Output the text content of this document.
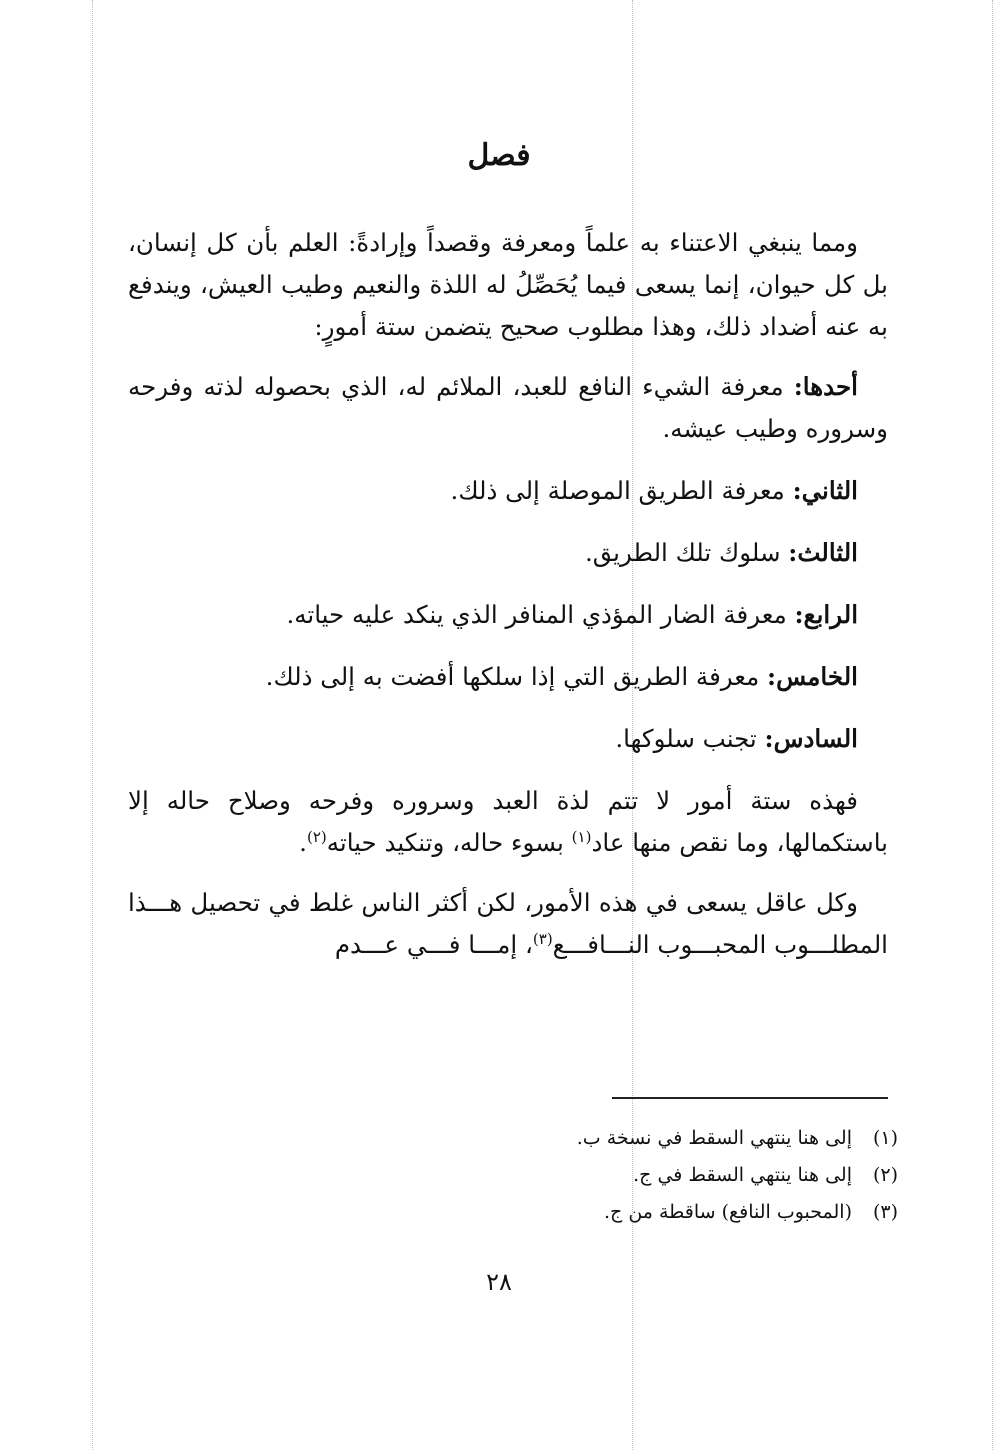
فصل

ومما ينبغي الاعتناء به علماً ومعرفة وقصداً وإرادةً: العلم بأن كل إنسان، بل كل حيوان، إنما يسعى فيما يُحَصِّلُ له اللذة والنعيم وطيب العيش، ويندفع به عنه أضداد ذلك، وهذا مطلوب صحيح يتضمن ستة أمورٍ:

أحدها: معرفة الشيء النافع للعبد، الملائم له، الذي بحصوله لذته وفرحه وسروره وطيب عيشه.

الثاني: معرفة الطريق الموصلة إلى ذلك.

الثالث: سلوك تلك الطريق.

الرابع: معرفة الضار المؤذي المنافر الذي ينكد عليه حياته.

الخامس: معرفة الطريق التي إذا سلكها أفضت به إلى ذلك.

السادس: تجنب سلوكها.

فهذه ستة أمور لا تتم لذة العبد وسروره وفرحه وصلاح حاله إلا باستكمالها، وما نقص منها عاد$^{(١)}$ بسوء حاله، وتنكيد حياته$^{(٢)}$.

وكل عاقل يسعى في هذه الأمور، لكن أكثر الناس غلط في تحصيل هـــذا المطلـــوب المحبـــوب النـــافـــع$^{(٣)}$، إمـــا فـــي عـــدم

(١)إلى هنا ينتهي السقط في نسخة ب.
(٢)إلى هنا ينتهي السقط في ج.
(٣)(المحبوب النافع) ساقطة من ج.
٢٨
